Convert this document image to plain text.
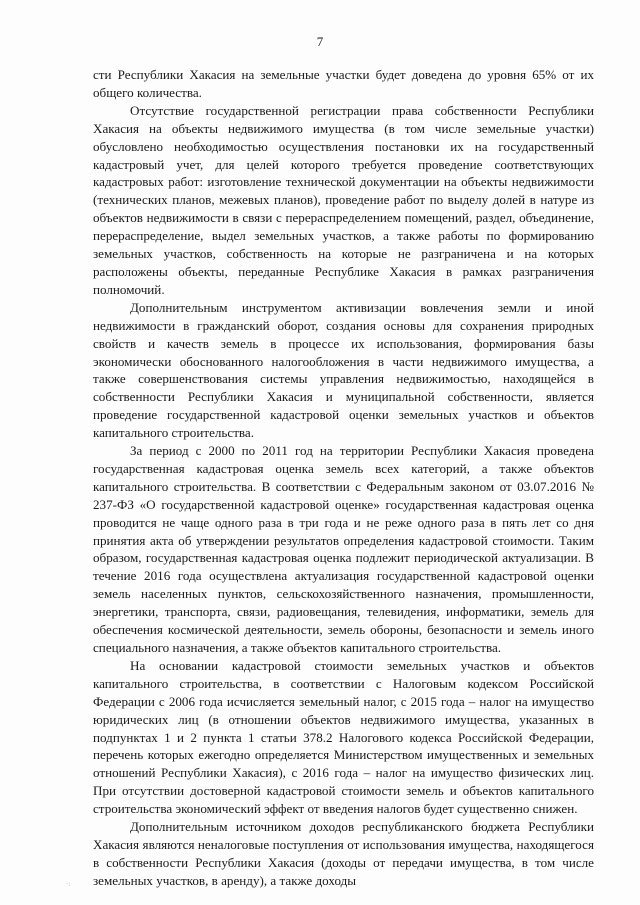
7

сти Республики Хакасия на земельные участки будет доведена до уровня 65% от их общего количества.

Отсутствие государственной регистрации права собственности Республики Хакасия на объекты недвижимого имущества (в том числе земельные участки) обусловлено необходимостью осуществления постановки их на государственный кадастровый учет, для целей которого требуется проведение соответствующих кадастровых работ: изготовление технической документации на объекты недвижимости (технических планов, межевых планов), проведение работ по выделу долей в натуре из объектов недвижимости в связи с перераспределением помещений, раздел, объединение, перераспределение, выдел земельных участков, а также работы по формированию земельных участков, собственность на которые не разграничена и на которых расположены объекты, переданные Республике Хакасия в рамках разграничения полномочий.

Дополнительным инструментом активизации вовлечения земли и иной недвижимости в гражданский оборот, создания основы для сохранения природных свойств и качеств земель в процессе их использования, формирования базы экономически обоснованного налогообложения в части недвижимого имущества, а также совершенствования системы управления недвижимостью, находящейся в собственности Республики Хакасия и муниципальной собственности, является проведение государственной кадастровой оценки земельных участков и объектов капитального строительства.

За период с 2000 по 2011 год на территории Республики Хакасия проведена государственная кадастровая оценка земель всех категорий, а также объектов капитального строительства. В соответствии с Федеральным законом от 03.07.2016 № 237-ФЗ «О государственной кадастровой оценке» государственная кадастровая оценка проводится не чаще одного раза в три года и не реже одного раза в пять лет со дня принятия акта об утверждении результатов определения кадастровой стоимости. Таким образом, государственная кадастровая оценка подлежит периодической актуализации. В течение 2016 года осуществлена актуализация государственной кадастровой оценки земель населенных пунктов, сельскохозяйственного назначения, промышленности, энергетики, транспорта, связи, радиовещания, телевидения, информатики, земель для обеспечения космической деятельности, земель обороны, безопасности и земель иного специального назначения, а также объектов капитального строительства.

На основании кадастровой стоимости земельных участков и объектов капитального строительства, в соответствии с Налоговым кодексом Российской Федерации с 2006 года исчисляется земельный налог, с 2015 года – налог на имущество юридических лиц (в отношении объектов недвижимого имущества, указанных в подпунктах 1 и 2 пункта 1 статьи 378.2 Налогового кодекса Российской Федерации, перечень которых ежегодно определяется Министерством имущественных и земельных отношений Республики Хакасия), с 2016 года – налог на имущество физических лиц. При отсутствии достоверной кадастровой стоимости земель и объектов капитального строительства экономический эффект от введения налогов будет существенно снижен.

Дополнительным источником доходов республиканского бюджета Республики Хакасия являются неналоговые поступления от использования имущества, находящегося в собственности Республики Хакасия (доходы от передачи имущества, в том числе земельных участков, в аренду), а также доходы

·:
